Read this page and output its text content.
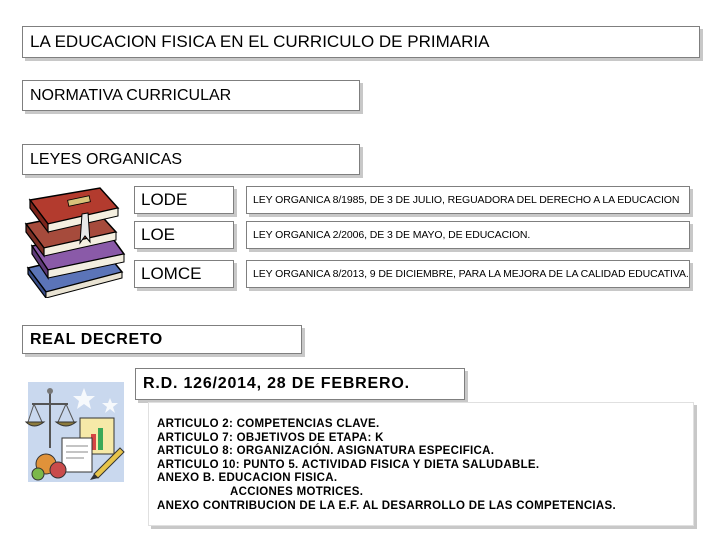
LA EDUCACION FISICA EN EL CURRICULO DE PRIMARIA
NORMATIVA CURRICULAR
LEYES ORGANICAS
LODE	LEY ORGANICA 8/1985, DE 3 DE JULIO, REGUADORA DEL DERECHO A LA EDUCACION
LOE	LEY ORGANICA 2/2006, DE 3 DE MAYO, DE EDUCACION.
LOMCE	LEY ORGANICA 8/2013, 9 DE DICIEMBRE, PARA LA MEJORA DE LA CALIDAD EDUCATIVA.
REAL DECRETO
R.D. 126/2014, 28 DE FEBRERO.
ARTICULO 2: COMPETENCIAS CLAVE.
ARTICULO 7: OBJETIVOS DE ETAPA: K
ARTICULO 8: ORGANIZACIÓN. ASIGNATURA ESPECIFICA.
ARTICULO 10: PUNTO 5. ACTIVIDAD FISICA Y DIETA SALUDABLE.
ANEXO B. EDUCACION FISICA.
ACCIONES MOTRICES.
ANEXO CONTRIBUCION DE LA E.F. AL DESARROLLO DE LAS COMPETENCIAS.
